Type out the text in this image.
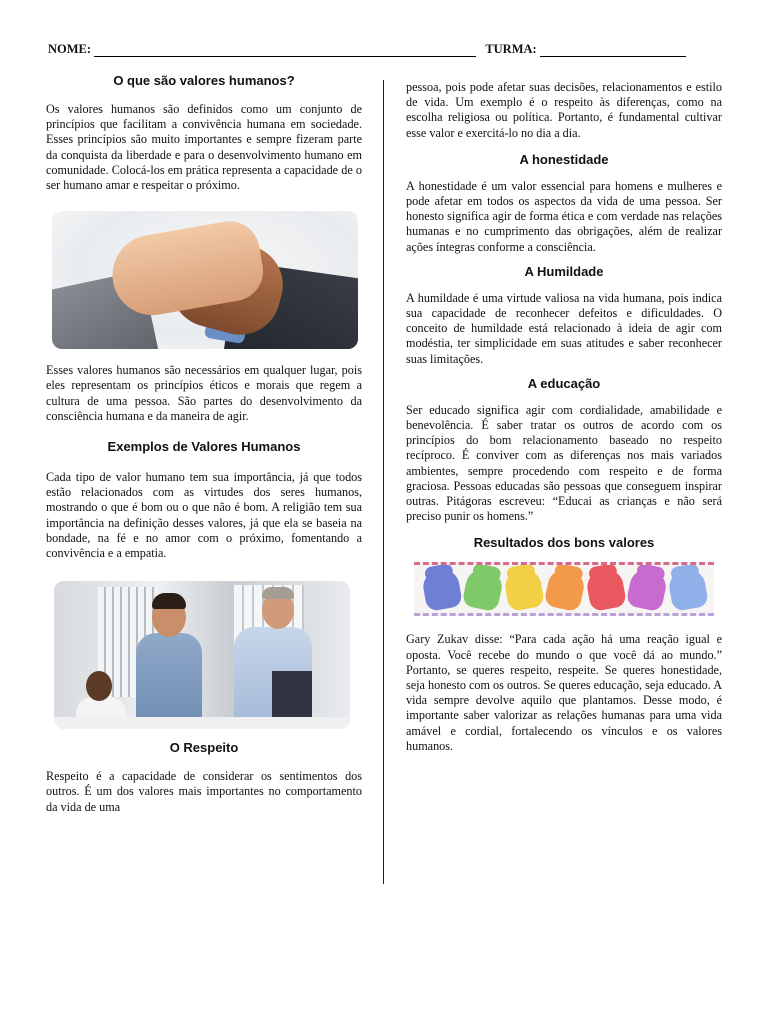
NOME:	TURMA:
O que são valores humanos?

Os valores humanos são definidos como um conjunto de princípios que facilitam a convivência humana em sociedade. Esses princípios são muito importantes e sempre fizeram parte da conquista da liberdade e para o desenvolvimento humano em comunidade. Colocá-los em prática representa a capacidade de o ser humano amar e respeitar o próximo.

Esses valores humanos são necessários em qualquer lugar, pois eles representam os princípios éticos e morais que regem a cultura de uma pessoa. São partes do desenvolvimento da consciência humana e da maneira de agir.

Exemplos de Valores Humanos

Cada tipo de valor humano tem sua importância, já que todos estão relacionados com as virtudes dos seres humanos, mostrando o que é bom ou o que não é bom. A religião tem sua importância na definição desses valores, já que ela se baseia na bondade, na fé e no amor com o próximo, fomentando a convivência e a empatia.

O Respeito

Respeito é a capacidade de considerar os sentimentos dos outros. É um dos valores mais importantes no comportamento da vida de uma

pessoa, pois pode afetar suas decisões, relacionamentos e estilo de vida. Um exemplo é o respeito às diferenças, como na escolha religiosa ou política. Portanto, é fundamental cultivar esse valor e exercitá-lo no dia a dia.

A honestidade

A honestidade é um valor essencial para homens e mulheres e pode afetar em todos os aspectos da vida de uma pessoa. Ser honesto significa agir de forma ética e com verdade nas relações humanas e no cumprimento das obrigações, além de realizar ações íntegras conforme a consciência.

A Humildade

A humildade é uma virtude valiosa na vida humana, pois indica sua capacidade de reconhecer defeitos e dificuldades. O conceito de humildade está relacionado à ideia de agir com modéstia, ter simplicidade em suas atitudes e saber reconhecer suas limitações.

A educação

Ser educado significa agir com cordialidade, amabilidade e benevolência. É saber tratar os outros de acordo com os princípios do bom relacionamento baseado no respeito recíproco. É conviver com as diferenças nos mais variados ambientes, sempre procedendo com respeito e de forma graciosa. Pessoas educadas são pessoas que conseguem inspirar outras. Pitágoras escreveu: “Educai as crianças e não será preciso punir os homens.”

Resultados dos bons valores

Gary Zukav disse: “Para cada ação há uma reação igual e oposta. Você recebe do mundo o que você dá ao mundo.” Portanto, se queres respeito, respeite. Se queres honestidade, seja honesto com os outros. Se queres educação, seja educado. A vida sempre devolve aquilo que plantamos. Desse modo, é importante saber valorizar as relações humanas para uma vida amável e cordial, fortalecendo os vínculos e os valores humanos.
